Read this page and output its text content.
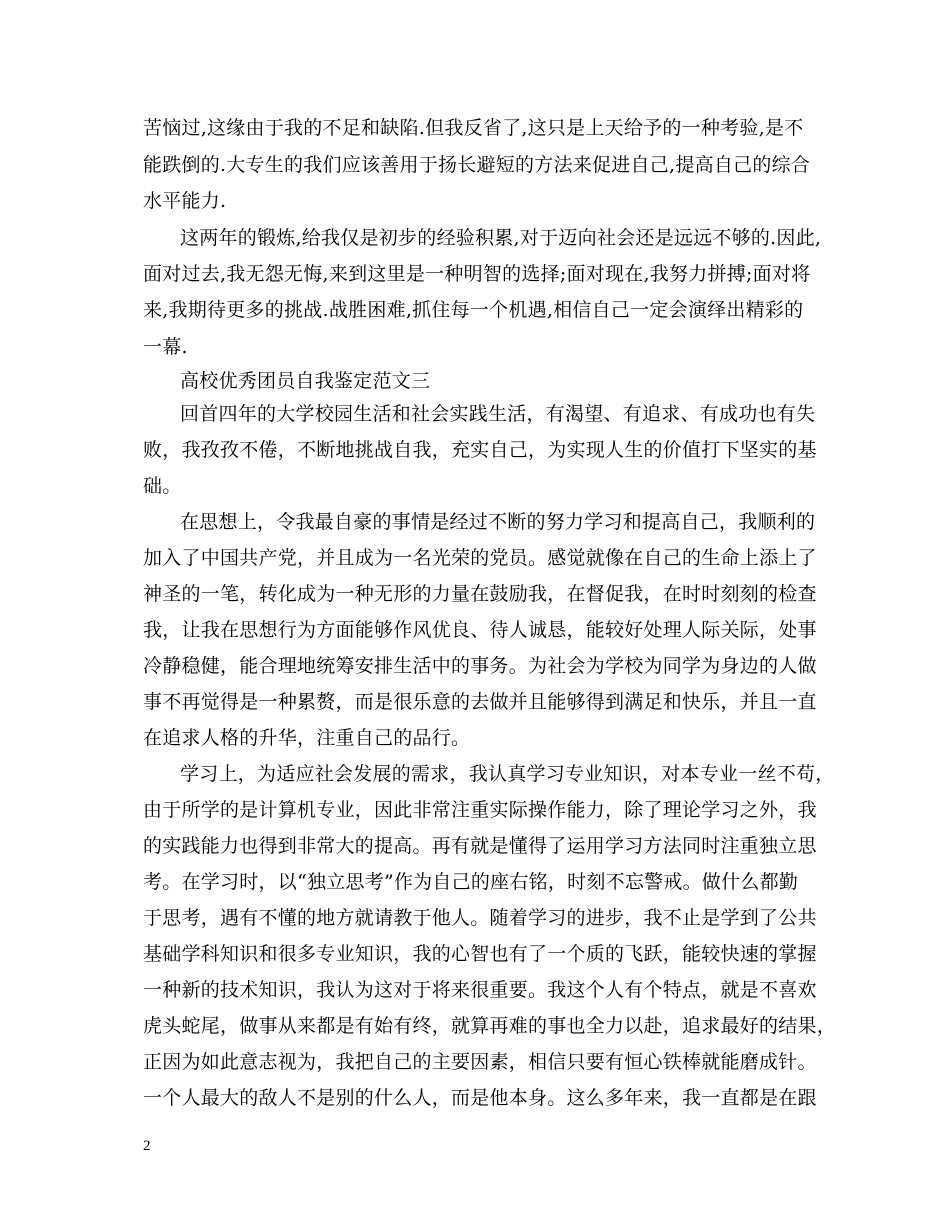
苦恼过,这缘由于我的不足和缺陷.但我反省了,这只是上天给予的一种考验,是不

能跌倒的.大专生的我们应该善用于扬长避短的方法来促进自己,提高自己的综合

水平能力.

这两年的锻炼,给我仅是初步的经验积累,对于迈向社会还是远远不够的.因此,

面对过去,我无怨无悔,来到这里是一种明智的选择;面对现在,我努力拼搏;面对将

来,我期待更多的挑战.战胜困难,抓住每一个机遇,相信自己一定会演绎出精彩的

一幕.

高校优秀团员自我鉴定范文三

回首四年的大学校园生活和社会实践生活，有渴望、有追求、有成功也有失

败，我孜孜不倦，不断地挑战自我，充实自己，为实现人生的价值打下坚实的基

础。

在思想上，令我最自豪的事情是经过不断的努力学习和提高自己，我顺利的

加入了中国共产党，并且成为一名光荣的党员。感觉就像在自己的生命上添上了

神圣的一笔，转化成为一种无形的力量在鼓励我，在督促我，在时时刻刻的检查

我，让我在思想行为方面能够作风优良、待人诚恳，能较好处理人际关际，处事

冷静稳健，能合理地统筹安排生活中的事务。为社会为学校为同学为身边的人做

事不再觉得是一种累赘，而是很乐意的去做并且能够得到满足和快乐，并且一直

在追求人格的升华，注重自己的品行。

学习上，为适应社会发展的需求，我认真学习专业知识，对本专业一丝不苟，

由于所学的是计算机专业，因此非常注重实际操作能力，除了理论学习之外，我

的实践能力也得到非常大的提高。再有就是懂得了运用学习方法同时注重独立思

考。在学习时，以“独立思考”作为自己的座右铭，时刻不忘警戒。做什么都勤

于思考，遇有不懂的地方就请教于他人。随着学习的进步，我不止是学到了公共

基础学科知识和很多专业知识，我的心智也有了一个质的飞跃，能较快速的掌握

一种新的技术知识，我认为这对于将来很重要。我这个人有个特点，就是不喜欢

虎头蛇尾，做事从来都是有始有终，就算再难的事也全力以赴，追求最好的结果，

正因为如此意志视为，我把自己的主要因素，相信只要有恒心铁棒就能磨成针。

一个人最大的敌人不是别的什么人，而是他本身。这么多年来，我一直都是在跟

2
